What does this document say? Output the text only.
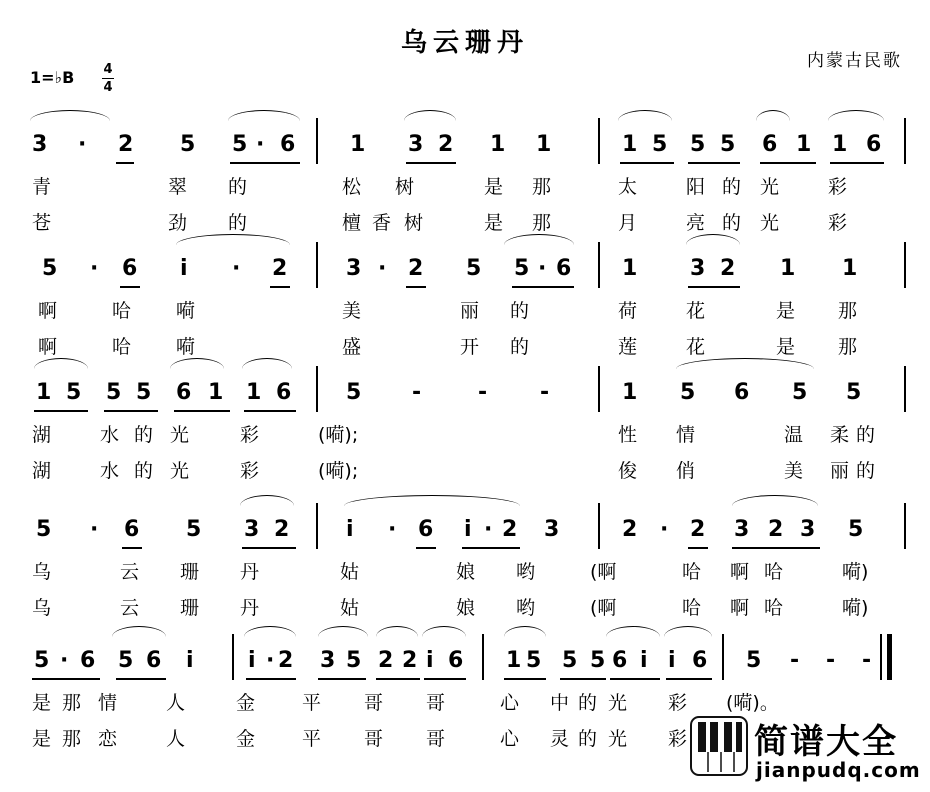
乌云珊丹
内蒙古民歌
1=♭B 4
4
3 · 2 5 5 · 6 1 3 2 1 1	1 5 5 5 6 1 1 6
青	翠 的	松 树	是 那	太	阳 的 光	彩
苍	劲 的	檀 香 树	是 那	月	亮 的 光	彩
5 · 6 i · 2	3 · 2 5 5 · 6 1 3 2 1 1
啊	哈 嗬	美	丽 的	荷	花	是 那
啊	哈 嗬	盛	开 的	莲	花	是 那
1 5 5 5 6 1 1 6 5 -	- -	1 5 6 5 5
湖	水 的 光	彩	(嗬);	性 情	温 柔 的
湖	水 的 光	彩	(嗬);	俊 俏	美 丽 的
5 · 6 5 3 2	i · 6 i · 2 3	2 · 2 3 2 3 5
乌	云 珊 丹	姑	娘 哟	(啊	哈 啊 哈	嗬)
乌	云 珊 丹	姑	娘 哟	(啊	哈 啊 哈	嗬)
5 · 6 5 6 i i · 2 3 5 2 2 i 6 1 5 5 5 6 i i 6 5 - - -
是 那 情	人	金 平 哥 哥	心 中 的 光 彩 (嗬)。
是 那 恋	人	金 平 哥 哥	心 灵 的 光 彩 简谱大全
jianpudq.com
